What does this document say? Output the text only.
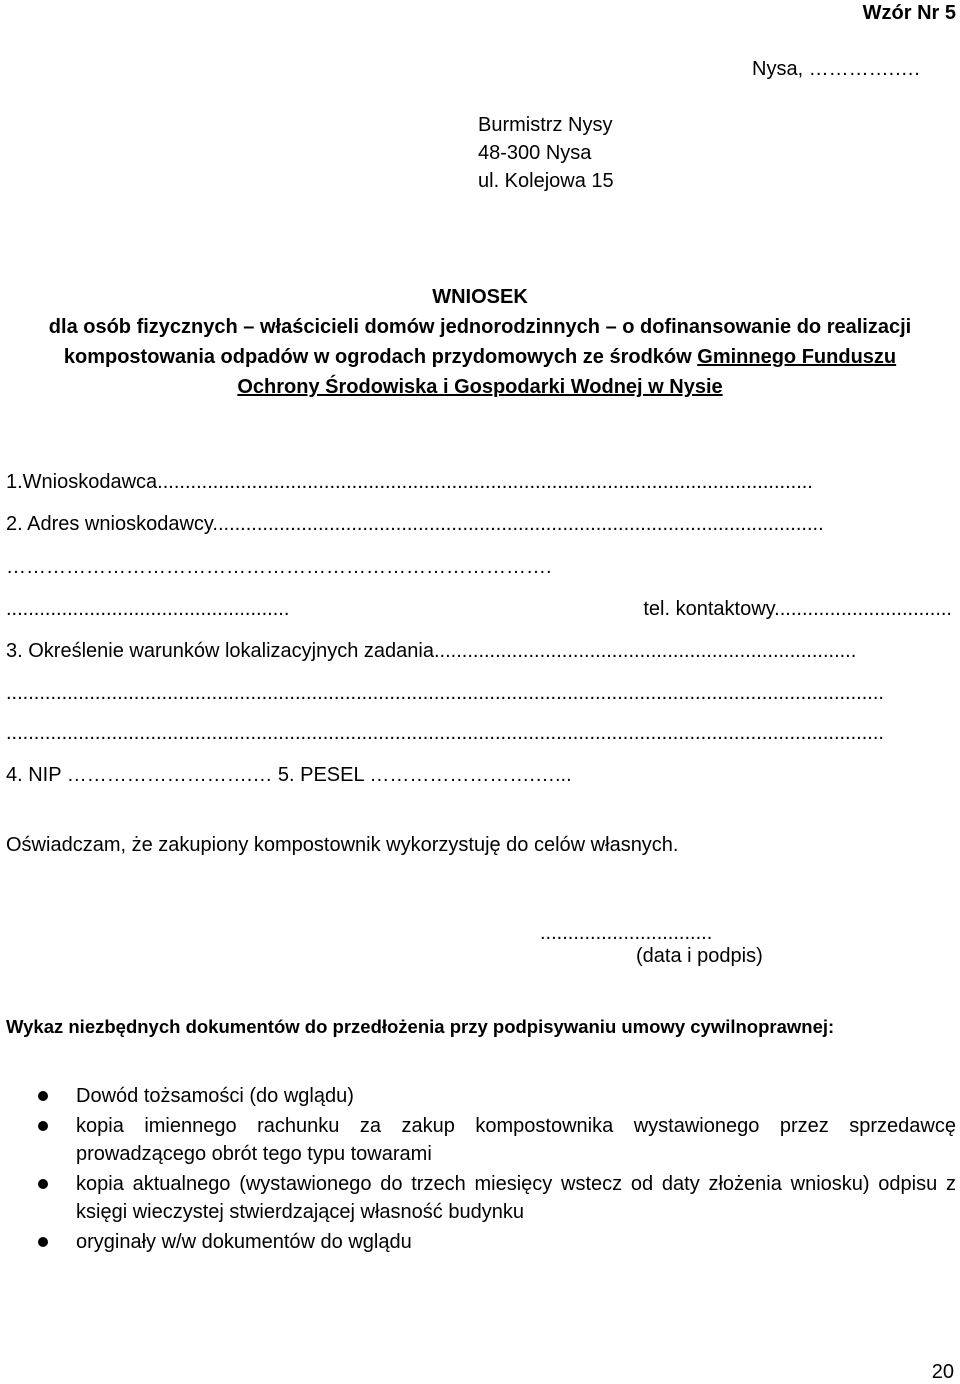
Wzór Nr 5
Nysa, ………….….
Burmistrz Nysy
48-300 Nysa
ul. Kolejowa 15
WNIOSEK
dla osób fizycznych – właścicieli domów jednorodzinnych – o dofinansowanie do realizacji
kompostowania odpadów w ogrodach przydomowych ze środków Gminnego Funduszu
Ochrony Środowiska i Gospodarki Wodnej w Nysie
1.Wnioskodawca......................................................................................................................
2. Adres wnioskodawcy..............................................................................................................
……………………………………………………………………….
...................................................	tel. kontaktowy................................
3. Określenie warunków lokalizacyjnych zadania............................................................................
..............................................................................................................................................................
..............................................................................................................................................................
4. NIP ……………………….… 5. PESEL …………………….…...
Oświadczam, że zakupiony kompostownik wykorzystuję do celów własnych.
...............................
(data i podpis)
Wykaz niezbędnych dokumentów do przedłożenia przy podpisywaniu umowy cywilnoprawnej:
Dowód tożsamości (do wglądu)
kopia imiennego rachunku za zakup kompostownika wystawionego przez sprzedawcę prowadzącego obrót tego typu towarami
kopia aktualnego (wystawionego do trzech miesięcy wstecz od daty złożenia wniosku) odpisu z księgi wieczystej stwierdzającej własność budynku
oryginały w/w dokumentów do wglądu
20
